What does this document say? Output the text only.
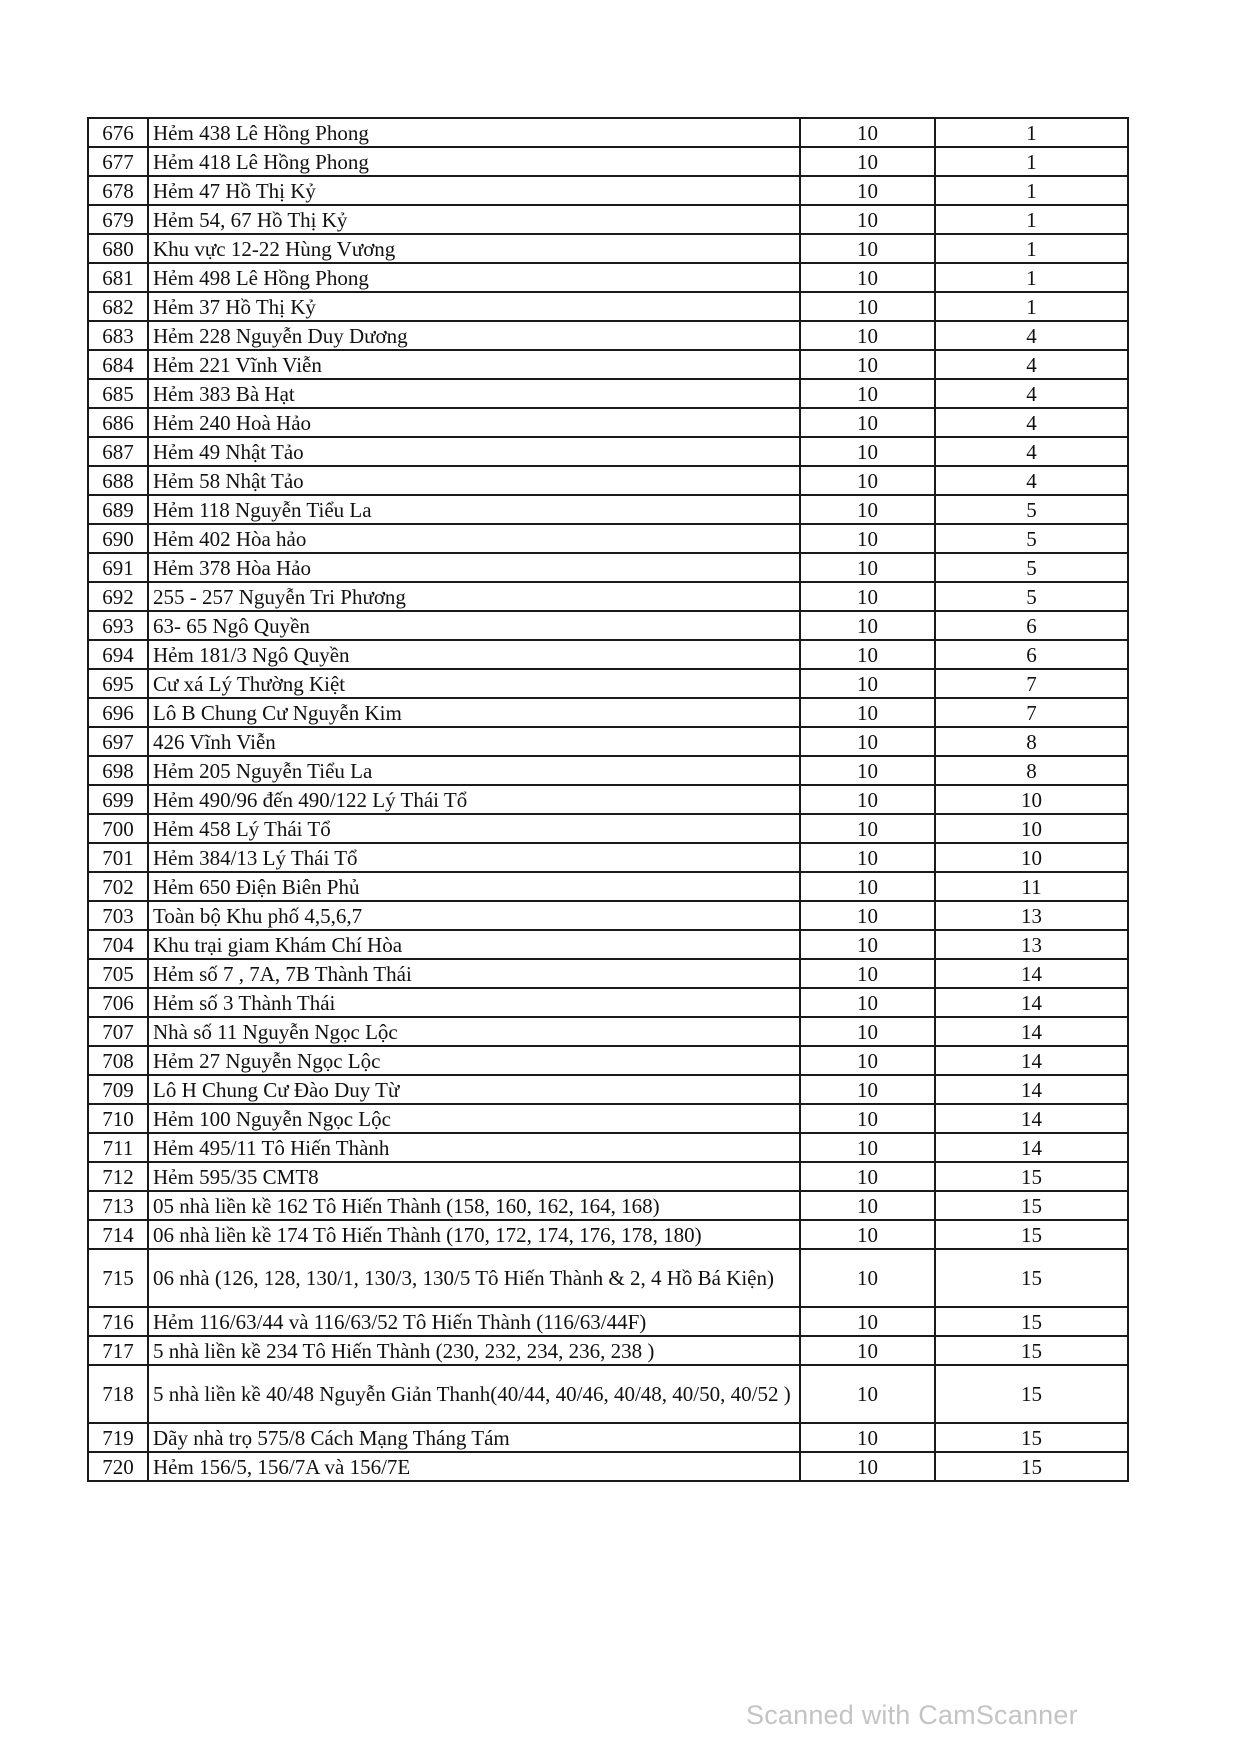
676	Hẻm 438 Lê Hồng Phong	10	1
677	Hẻm 418 Lê Hồng Phong	10	1
678	Hẻm 47 Hồ Thị Kỷ	10	1
679	Hẻm 54, 67 Hồ Thị Kỷ	10	1
680	Khu vực 12-22 Hùng Vương	10	1
681	Hẻm 498 Lê Hồng Phong	10	1
682	Hẻm 37 Hồ Thị Kỷ	10	1
683	Hẻm 228 Nguyễn Duy Dương	10	4
684	Hẻm 221 Vĩnh Viễn	10	4
685	Hẻm 383 Bà Hạt	10	4
686	Hẻm 240 Hoà Hảo	10	4
687	Hẻm 49 Nhật Tảo	10	4
688	Hẻm 58 Nhật Tảo	10	4
689	Hẻm 118 Nguyễn Tiểu La	10	5
690	Hẻm 402 Hòa hảo	10	5
691	Hẻm 378 Hòa Hảo	10	5
692	255 - 257 Nguyễn Tri Phương	10	5
693	63- 65 Ngô Quyền	10	6
694	Hẻm 181/3 Ngô Quyền	10	6
695	Cư xá Lý Thường Kiệt	10	7
696	Lô B Chung Cư Nguyễn Kim	10	7
697	426 Vĩnh Viễn	10	8
698	Hẻm 205 Nguyễn Tiểu La	10	8
699	Hẻm 490/96 đến 490/122 Lý Thái Tổ	10	10
700	Hẻm 458 Lý Thái Tổ	10	10
701	Hẻm 384/13 Lý Thái Tổ	10	10
702	Hẻm 650 Điện Biên Phủ	10	11
703	Toàn bộ Khu phố 4,5,6,7	10	13
704	Khu trại giam Khám Chí Hòa	10	13
705	Hẻm số 7 , 7A, 7B Thành Thái	10	14
706	Hẻm số 3 Thành Thái	10	14
707	Nhà số 11 Nguyễn Ngọc Lộc	10	14
708	Hẻm 27 Nguyễn Ngọc Lộc	10	14
709	Lô H Chung Cư Đào Duy Từ	10	14
710	Hẻm 100 Nguyễn Ngọc Lộc	10	14
711	Hẻm 495/11 Tô Hiến Thành	10	14
712	Hẻm 595/35 CMT8	10	15
713	05 nhà liền kề 162 Tô Hiến Thành (158, 160, 162, 164, 168)	10	15
714	06 nhà liền kề 174 Tô Hiến Thành (170, 172, 174, 176, 178, 180)	10	15
715	06 nhà (126, 128, 130/1, 130/3, 130/5 Tô Hiến Thành & 2, 4 Hồ Bá Kiện)	10	15
716	Hẻm 116/63/44 và 116/63/52 Tô Hiến Thành (116/63/44F)	10	15
717	5 nhà liền kề 234 Tô Hiến Thành (230, 232, 234, 236, 238 )	10	15
718	5 nhà liền kề 40/48 Nguyễn Giản Thanh(40/44, 40/46, 40/48, 40/50, 40/52 )	10	15
719	Dãy nhà trọ 575/8 Cách Mạng Tháng Tám	10	15
720	Hẻm 156/5, 156/7A và 156/7E	10	15
Scanned with CamScanner
